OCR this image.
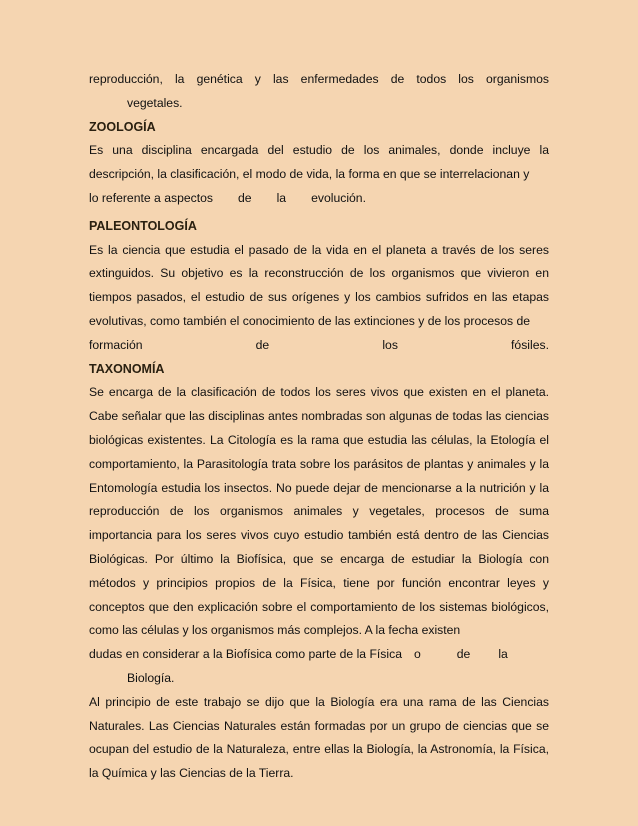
reproducción, la genética y las enfermedades de todos los organismos
vegetales.
ZOOLOGÍA
Es una disciplina encargada del estudio de los animales, donde incluye la descripción, la clasificación, el modo de vida, la forma en que se interrelacionan y
lo referente a aspectos de la evolución.
PALEONTOLOGÍA
Es la ciencia que estudia el pasado de la vida en el planeta a través de los seres extinguidos. Su objetivo es la reconstrucción de los organismos que vivieron en tiempos pasados, el estudio de sus orígenes y los cambios sufridos en las etapas evolutivas, como también el conocimiento de las extinciones y de los procesos de
formación	de	los	fósiles.
TAXONOMÍA
Se encarga de la clasificación de todos los seres vivos que existen en el planeta. Cabe señalar que las disciplinas antes nombradas son algunas de todas las ciencias biológicas existentes. La Citología es la rama que estudia las células, la Etología el comportamiento, la Parasitología trata sobre los parásitos de plantas y animales y la Entomología estudia los insectos. No puede dejar de mencionarse a la nutrición y la reproducción de los organismos animales y vegetales, procesos de suma importancia para los seres vivos cuyo estudio también está dentro de las Ciencias Biológicas. Por último la Biofísica, que se encarga de estudiar la Biología con métodos y principios propios de la Física, tiene por función encontrar leyes y conceptos que den explicación sobre el comportamiento de los sistemas biológicos, como las células y los organismos más complejos. A la fecha existen
dudas en considerar a la Biofísica como parte de la Física o	de la
Biología.
Al principio de este trabajo se dijo que la Biología era una rama de las Ciencias Naturales. Las Ciencias Naturales están formadas por un grupo de ciencias que se ocupan del estudio de la Naturaleza, entre ellas la Biología, la Astronomía, la Física, la Química y las Ciencias de la Tierra.
